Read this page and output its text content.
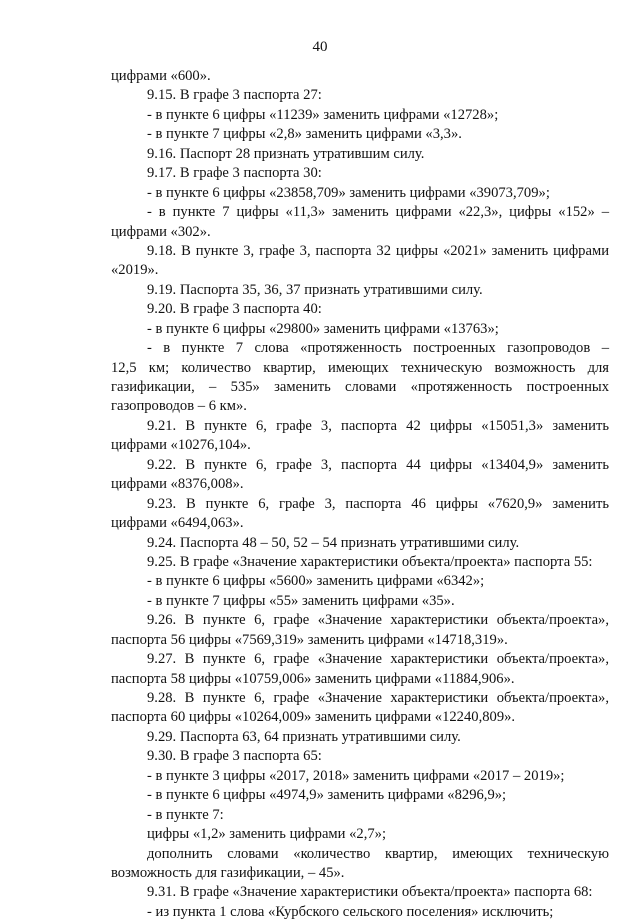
40
цифрами «600».
9.15. В графе 3 паспорта 27:
- в пункте 6 цифры «11239» заменить цифрами «12728»;
- в пункте 7 цифры «2,8» заменить цифрами «3,3».
9.16. Паспорт 28 признать утратившим силу.
9.17. В графе 3 паспорта 30:
- в пункте 6 цифры «23858,709» заменить цифрами «39073,709»;
- в пункте 7 цифры «11,3» заменить цифрами «22,3», цифры «152» –
цифрами «302».
9.18. В пункте 3, графе 3, паспорта 32 цифры «2021» заменить цифрами
«2019».
9.19. Паспорта 35, 36, 37 признать утратившими силу.
9.20. В графе 3 паспорта 40:
- в пункте 6 цифры «29800» заменить цифрами «13763»;
- в пункте 7 слова «протяженность построенных газопроводов –
12,5 км; количество квартир, имеющих техническую возможность для
газификации, – 535» заменить словами «протяженность построенных
газопроводов – 6 км».
9.21. В пункте 6, графе 3, паспорта 42 цифры «15051,3» заменить
цифрами «10276,104».
9.22. В пункте 6, графе 3, паспорта 44 цифры «13404,9» заменить
цифрами «8376,008».
9.23. В пункте 6, графе 3, паспорта 46 цифры «7620,9» заменить
цифрами «6494,063».
9.24. Паспорта 48 – 50, 52 – 54 признать утратившими силу.
9.25. В графе «Значение характеристики объекта/проекта» паспорта 55:
- в пункте 6 цифры «5600» заменить цифрами «6342»;
- в пункте 7 цифры «55» заменить цифрами «35».
9.26. В пункте 6, графе «Значение характеристики объекта/проекта»,
паспорта 56 цифры «7569,319» заменить цифрами «14718,319».
9.27. В пункте 6, графе «Значение характеристики объекта/проекта»,
паспорта 58 цифры «10759,006» заменить цифрами «11884,906».
9.28. В пункте 6, графе «Значение характеристики объекта/проекта»,
паспорта 60 цифры «10264,009» заменить цифрами «12240,809».
9.29. Паспорта 63, 64 признать утратившими силу.
9.30. В графе 3 паспорта 65:
- в пункте 3 цифры «2017, 2018» заменить цифрами «2017 – 2019»;
- в пункте 6 цифры «4974,9» заменить цифрами «8296,9»;
- в пункте 7:
цифры «1,2» заменить цифрами «2,7»;
дополнить словами «количество квартир, имеющих техническую
возможность для газификации, – 45».
9.31. В графе «Значение характеристики объекта/проекта» паспорта 68:
- из пункта 1 слова «Курбского сельского поселения» исключить;
